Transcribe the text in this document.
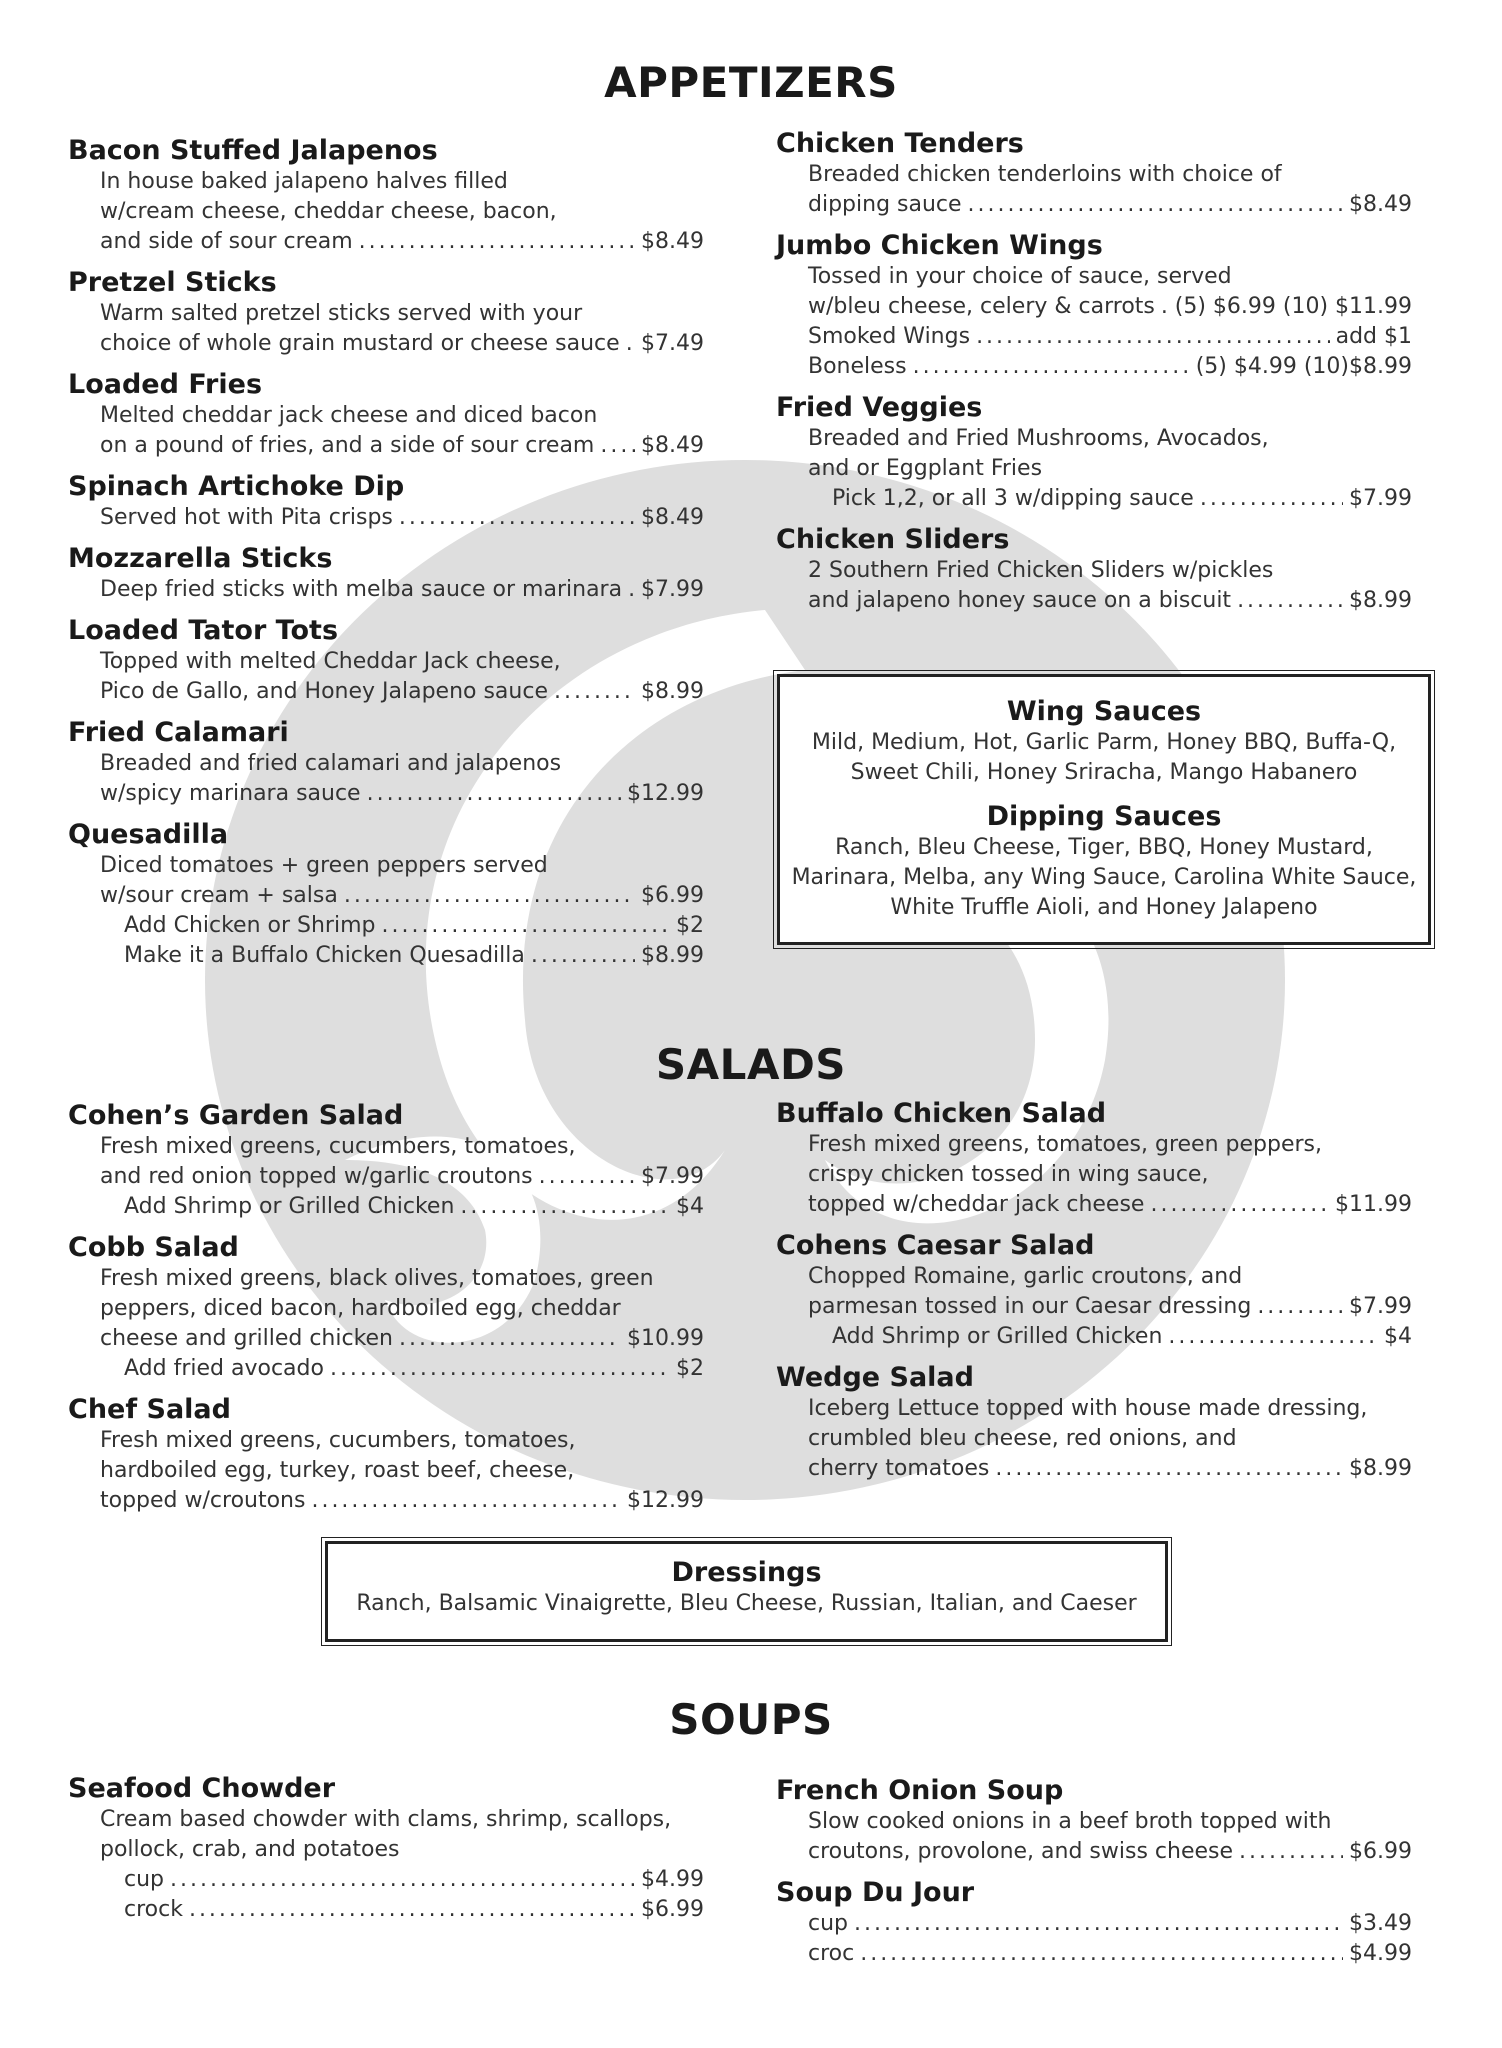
APPETIZERS
Bacon Stuffed Jalapenos
In house baked jalapeno halves filled
w/cream cheese, cheddar cheese, bacon,
and side of sour cream . . .	$8.49
Pretzel Sticks
Warm salted pretzel sticks served with your
choice of whole grain mustard or cheese sauce . . . $7.49
Loaded Fries
Melted cheddar jack cheese and diced bacon
on a pound of fries, and a side of sour cream . . . $8.49
Spinach Artichoke Dip
Served hot with Pita crisps . . .	$8.49
Mozzarella Sticks
Deep fried sticks with melba sauce or marinara . . . $7.99
Loaded Tator Tots
Topped with melted Cheddar Jack cheese,
Pico de Gallo, and Honey Jalapeno sauce . . .	$8.99
Fried Calamari
Breaded and fried calamari and jalapenos
w/spicy marinara sauce . . .	$12.99
Quesadilla
Diced tomatoes + green peppers served
w/sour cream + salsa . . .	$6.99
Add Chicken or Shrimp . . .	$2
Make it a Buffalo Chicken Quesadilla . . .	$8.99
Chicken Tenders
Breaded chicken tenderloins with choice of
dipping sauce . . .	$8.49
Jumbo Chicken Wings
Tossed in your choice of sauce, served
w/bleu cheese, celery & carrots . . . (5) $6.99 (10) $11.99
Smoked Wings . . .	add $1
Boneless . . .	(5) $4.99 (10)$8.99
Fried Veggies
Breaded and Fried Mushrooms, Avocados,
and or Eggplant Fries
Pick 1,2, or all 3 w/dipping sauce . . .	$7.99
Chicken Sliders
2 Southern Fried Chicken Sliders w/pickles
and jalapeno honey sauce on a biscuit . . .	$8.99
Wing Sauces
Mild, Medium, Hot, Garlic Parm, Honey BBQ, Buffa-Q,
Sweet Chili, Honey Sriracha, Mango Habanero
Dipping Sauces
Ranch, Bleu Cheese, Tiger, BBQ, Honey Mustard,
Marinara, Melba, any Wing Sauce, Carolina White Sauce,
White Truffle Aioli, and Honey Jalapeno
SALADS
Cohen’s Garden Salad
Fresh mixed greens, cucumbers, tomatoes,
and red onion topped w/garlic croutons . . .	$7.99
Add Shrimp or Grilled Chicken . . .	$4
Cobb Salad
Fresh mixed greens, black olives, tomatoes, green
peppers, diced bacon, hardboiled egg, cheddar
cheese and grilled chicken . . .	$10.99
Add fried avocado . . .	$2
Chef Salad
Fresh mixed greens, cucumbers, tomatoes,
hardboiled egg, turkey, roast beef, cheese,
topped w/croutons . . .	$12.99
Buffalo Chicken Salad
Fresh mixed greens, tomatoes, green peppers,
crispy chicken tossed in wing sauce,
topped w/cheddar jack cheese . . .	$11.99
Cohens Caesar Salad
Chopped Romaine, garlic croutons, and
parmesan tossed in our Caesar dressing . . .	$7.99
Add Shrimp or Grilled Chicken . . .	$4
Wedge Salad
Iceberg Lettuce topped with house made dressing,
crumbled bleu cheese, red onions, and
cherry tomatoes . . .	$8.99
Dressings
Ranch, Balsamic Vinaigrette, Bleu Cheese, Russian, Italian, and Caeser
SOUPS
Seafood Chowder
Cream based chowder with clams, shrimp, scallops,
pollock, crab, and potatoes
cup . . .	$4.99
crock . . .	$6.99
French Onion Soup
Slow cooked onions in a beef broth topped with
croutons, provolone, and swiss cheese . . .	$6.99
Soup Du Jour
cup . . .	$3.49
croc . . .	$4.99
